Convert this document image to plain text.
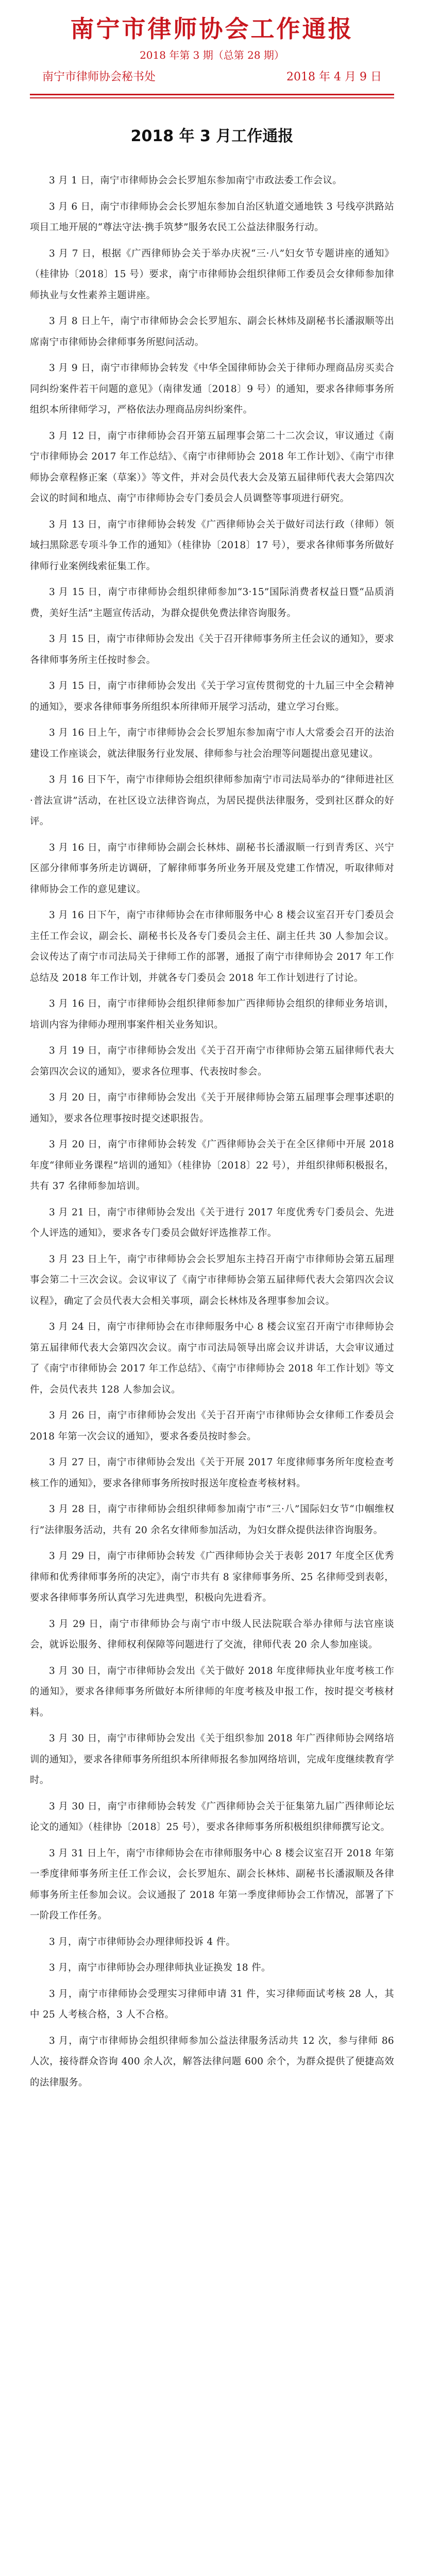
南宁市律师协会工作通报
2018 年第 3 期（总第 28 期）
南宁市律师协会秘书处	2018 年 4 月 9 日
2018 年 3 月工作通报

3 月 1 日，南宁市律师协会会长罗旭东参加南宁市政法委工作会议。

3 月 6 日，南宁市律师协会会长罗旭东参加自治区轨道交通地铁 3 号线亭洪路站项目工地开展的“尊法守法·携手筑梦”服务农民工公益法律服务行动。

3 月 7 日，根据《广西律师协会关于举办庆祝“三·八”妇女节专题讲座的通知》（桂律协〔2018〕15 号）要求，南宁市律师协会组织律师工作委员会女律师参加律师执业与女性素养主题讲座。

3 月 8 日上午，南宁市律师协会会长罗旭东、副会长林炜及副秘书长潘淑顺等出席南宁市律师协会律师事务所慰问活动。

3 月 9 日，南宁市律师协会转发《中华全国律师协会关于律师办理商品房买卖合同纠纷案件若干问题的意见》（南律发通〔2018〕9 号）的通知，要求各律师事务所组织本所律师学习，严格依法办理商品房纠纷案件。

3 月 12 日，南宁市律师协会召开第五届理事会第二十二次会议，审议通过《南宁市律师协会 2017 年工作总结》、《南宁市律师协会 2018 年工作计划》、《南宁市律师协会章程修正案（草案）》等文件，并对会员代表大会及第五届律师代表大会第四次会议的时间和地点、南宁市律师协会专门委员会人员调整等事项进行研究。

3 月 13 日，南宁市律师协会转发《广西律师协会关于做好司法行政（律师）领域扫黑除恶专项斗争工作的通知》（桂律协〔2018〕17 号），要求各律师事务所做好律师行业案例线索征集工作。

3 月 15 日，南宁市律师协会组织律师参加“3·15”国际消费者权益日暨“品质消费，美好生活”主题宣传活动，为群众提供免费法律咨询服务。

3 月 15 日，南宁市律师协会发出《关于召开律师事务所主任会议的通知》，要求各律师事务所主任按时参会。

3 月 15 日，南宁市律师协会发出《关于学习宣传贯彻党的十九届三中全会精神的通知》，要求各律师事务所组织本所律师开展学习活动，建立学习台账。

3 月 16 日上午，南宁市律师协会会长罗旭东参加南宁市人大常委会召开的法治建设工作座谈会，就法律服务行业发展、律师参与社会治理等问题提出意见建议。

3 月 16 日下午，南宁市律师协会组织律师参加南宁市司法局举办的“律师进社区·普法宣讲”活动，在社区设立法律咨询点，为居民提供法律服务，受到社区群众的好评。

3 月 16 日，南宁市律师协会副会长林炜、副秘书长潘淑顺一行到青秀区、兴宁区部分律师事务所走访调研，了解律师事务所业务开展及党建工作情况，听取律师对律师协会工作的意见建议。

3 月 16 日下午，南宁市律师协会在市律师服务中心 8 楼会议室召开专门委员会主任工作会议，副会长、副秘书长及各专门委员会主任、副主任共 30 人参加会议。会议传达了南宁市司法局关于律师工作的部署，通报了南宁市律师协会 2017 年工作总结及 2018 年工作计划，并就各专门委员会 2018 年工作计划进行了讨论。

3 月 16 日，南宁市律师协会组织律师参加广西律师协会组织的律师业务培训，培训内容为律师办理刑事案件相关业务知识。

3 月 19 日，南宁市律师协会发出《关于召开南宁市律师协会第五届律师代表大会第四次会议的通知》，要求各位理事、代表按时参会。

3 月 20 日，南宁市律师协会发出《关于开展律师协会第五届理事会理事述职的通知》，要求各位理事按时提交述职报告。

3 月 20 日，南宁市律师协会转发《广西律师协会关于在全区律师中开展 2018 年度“律师业务课程”培训的通知》（桂律协〔2018〕22 号），并组织律师积极报名，共有 37 名律师参加培训。

3 月 21 日，南宁市律师协会发出《关于进行 2017 年度优秀专门委员会、先进个人评选的通知》，要求各专门委员会做好评选推荐工作。

3 月 23 日上午，南宁市律师协会会长罗旭东主持召开南宁市律师协会第五届理事会第二十三次会议。会议审议了《南宁市律师协会第五届律师代表大会第四次会议议程》，确定了会员代表大会相关事项，副会长林炜及各理事参加会议。

3 月 24 日，南宁市律师协会在市律师服务中心 8 楼会议室召开南宁市律师协会第五届律师代表大会第四次会议。南宁市司法局领导出席会议并讲话，大会审议通过了《南宁市律师协会 2017 年工作总结》、《南宁市律师协会 2018 年工作计划》等文件，会员代表共 128 人参加会议。

3 月 26 日，南宁市律师协会发出《关于召开南宁市律师协会女律师工作委员会 2018 年第一次会议的通知》，要求各委员按时参会。

3 月 27 日，南宁市律师协会发出《关于开展 2017 年度律师事务所年度检查考核工作的通知》，要求各律师事务所按时报送年度检查考核材料。

3 月 28 日，南宁市律师协会组织律师参加南宁市“三·八”国际妇女节“巾帼维权行”法律服务活动，共有 20 余名女律师参加活动，为妇女群众提供法律咨询服务。

3 月 29 日，南宁市律师协会转发《广西律师协会关于表彰 2017 年度全区优秀律师和优秀律师事务所的决定》，南宁市共有 8 家律师事务所、25 名律师受到表彰，要求各律师事务所认真学习先进典型，积极向先进看齐。

3 月 29 日，南宁市律师协会与南宁市中级人民法院联合举办律师与法官座谈会，就诉讼服务、律师权利保障等问题进行了交流，律师代表 20 余人参加座谈。

3 月 30 日，南宁市律师协会发出《关于做好 2018 年度律师执业年度考核工作的通知》，要求各律师事务所做好本所律师的年度考核及申报工作，按时提交考核材料。

3 月 30 日，南宁市律师协会发出《关于组织参加 2018 年广西律师协会网络培训的通知》，要求各律师事务所组织本所律师报名参加网络培训，完成年度继续教育学时。

3 月 30 日，南宁市律师协会转发《广西律师协会关于征集第九届广西律师论坛论文的通知》（桂律协〔2018〕25 号），要求各律师事务所积极组织律师撰写论文。

3 月 31 日上午，南宁市律师协会在市律师服务中心 8 楼会议室召开 2018 年第一季度律师事务所主任工作会议，会长罗旭东、副会长林炜、副秘书长潘淑顺及各律师事务所主任参加会议。会议通报了 2018 年第一季度律师协会工作情况，部署了下一阶段工作任务。

3 月，南宁市律师协会办理律师投诉 4 件。

3 月，南宁市律师协会办理律师执业证换发 18 件。

3 月，南宁市律师协会受理实习律师申请 31 件，实习律师面试考核 28 人，其中 25 人考核合格，3 人不合格。

3 月，南宁市律师协会组织律师参加公益法律服务活动共 12 次，参与律师 86 人次，接待群众咨询 400 余人次，解答法律问题 600 余个，为群众提供了便捷高效的法律服务。
